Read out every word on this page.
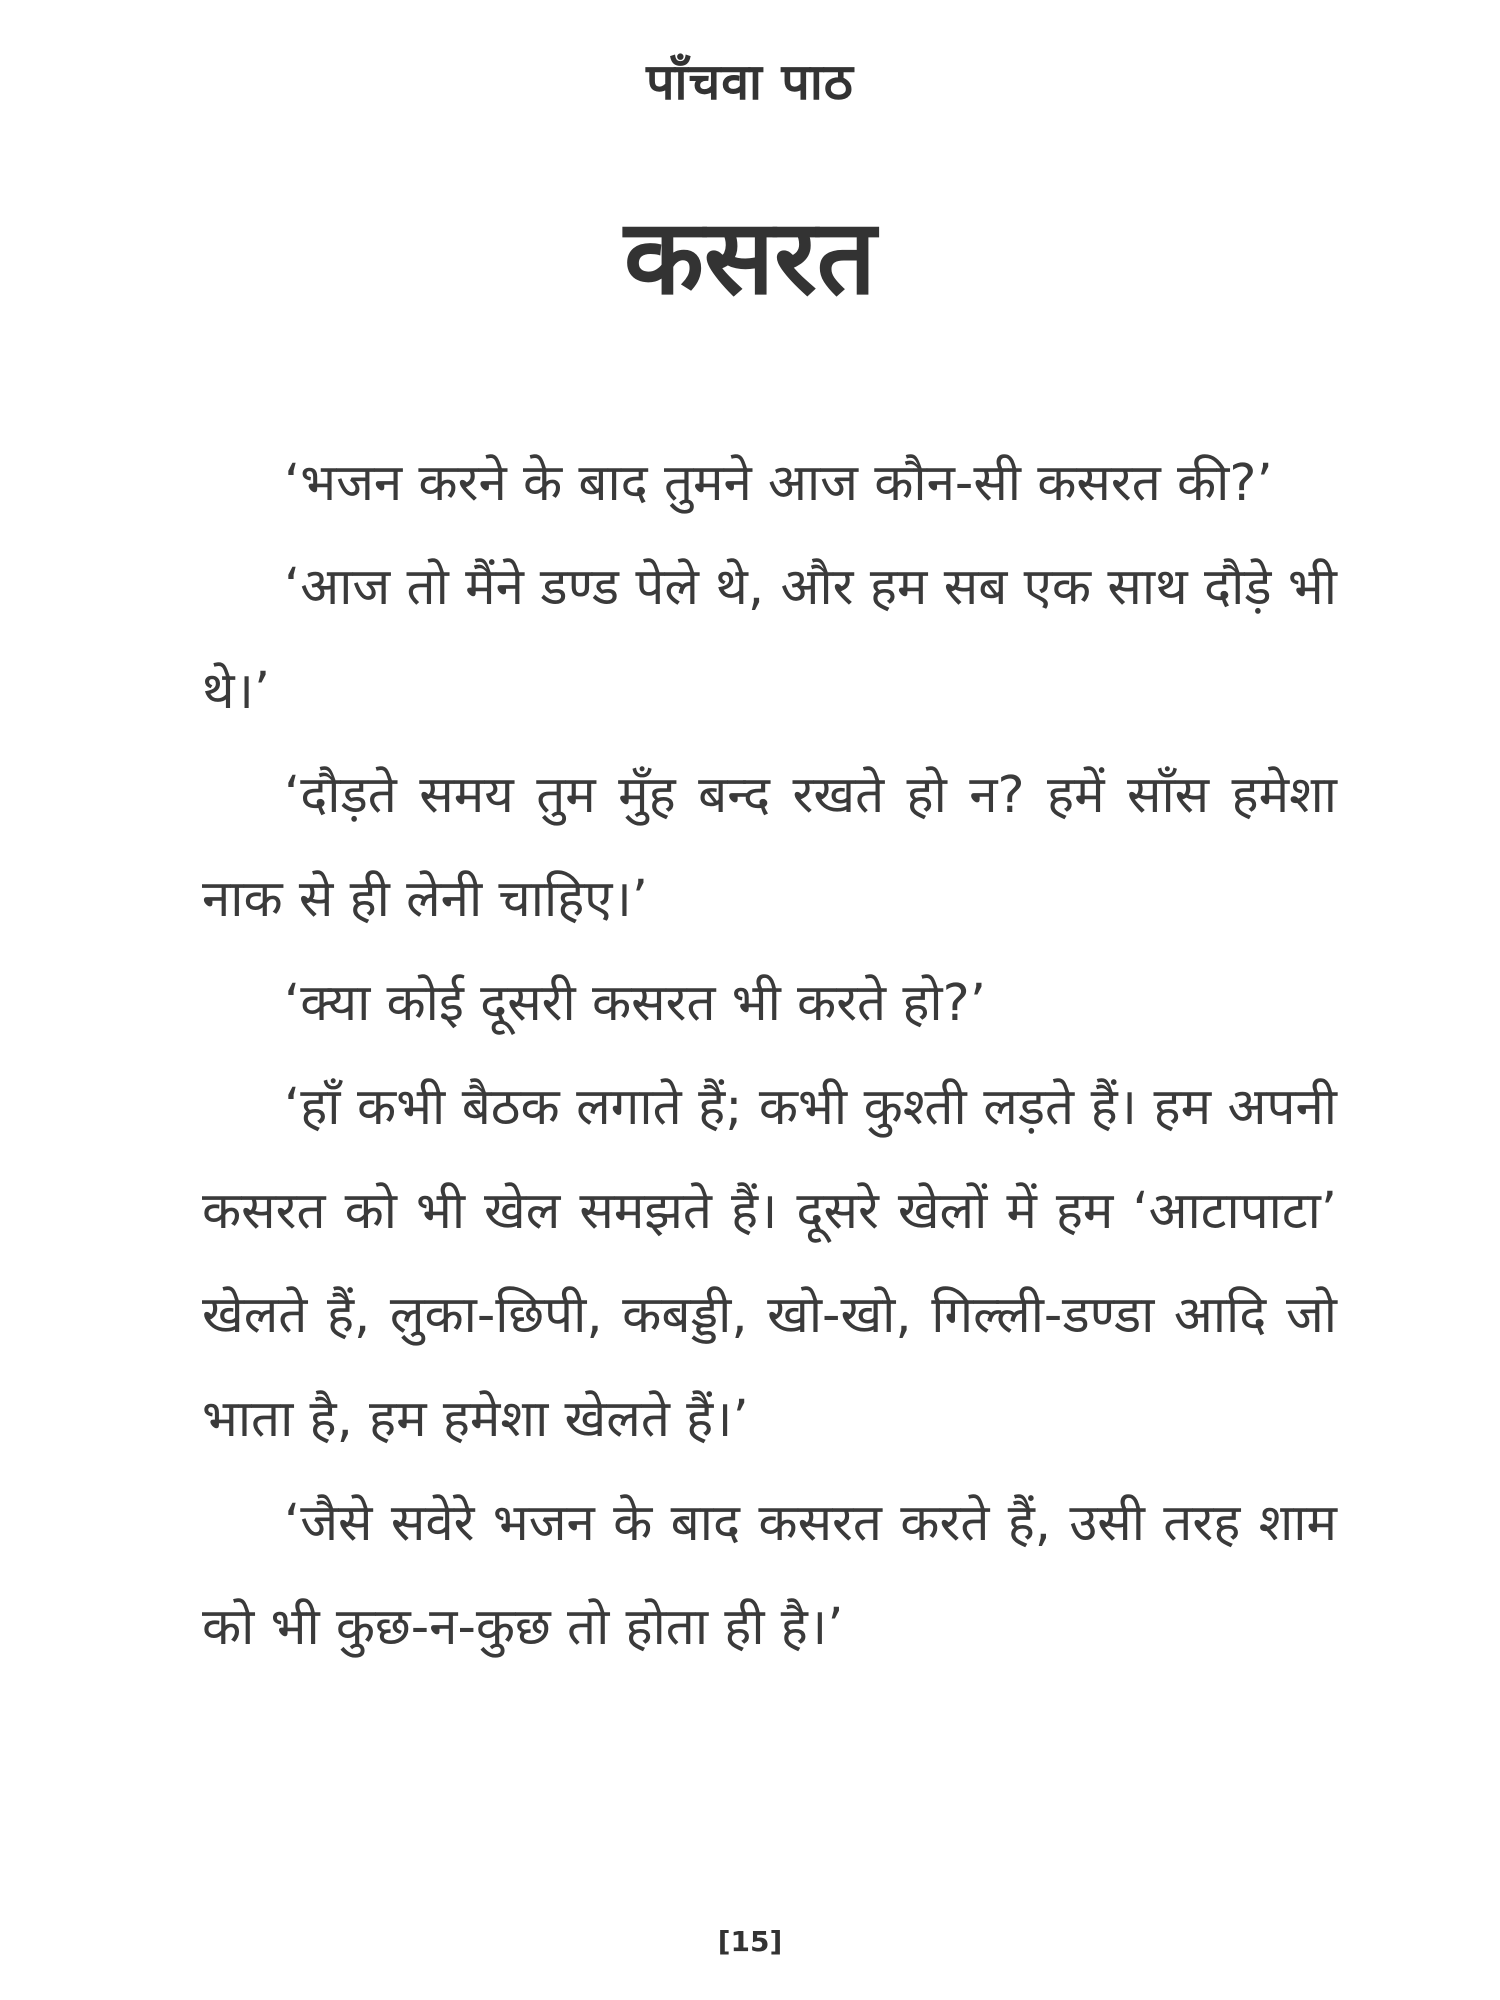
पाँचवा पाठ
कसरत

‘भजन करने के बाद तुमने आज कौन-सी कसरत की?’

‘आज तो मैंने डण्ड पेले थे, और हम सब एक साथ दौड़े भी थे।’

‘दौड़ते समय तुम मुँह बन्द रखते हो न? हमें साँस हमेशा नाक से ही लेनी चाहिए।’

‘क्या कोई दूसरी कसरत भी करते हो?’

‘हाँ कभी बैठक लगाते हैं; कभी कुश्ती लड़ते हैं। हम अपनी कसरत को भी खेल समझते हैं। दूसरे खेलों में हम ‘आटापाटा’ खेलते हैं, लुका-छिपी, कबड्डी, खो-खो, गिल्ली-डण्डा आदि जो भाता है, हम हमेशा खेलते हैं।’

‘जैसे सवेरे भजन के बाद कसरत करते हैं, उसी तरह शाम को भी कुछ-न-कुछ तो होता ही है।’

[15]
